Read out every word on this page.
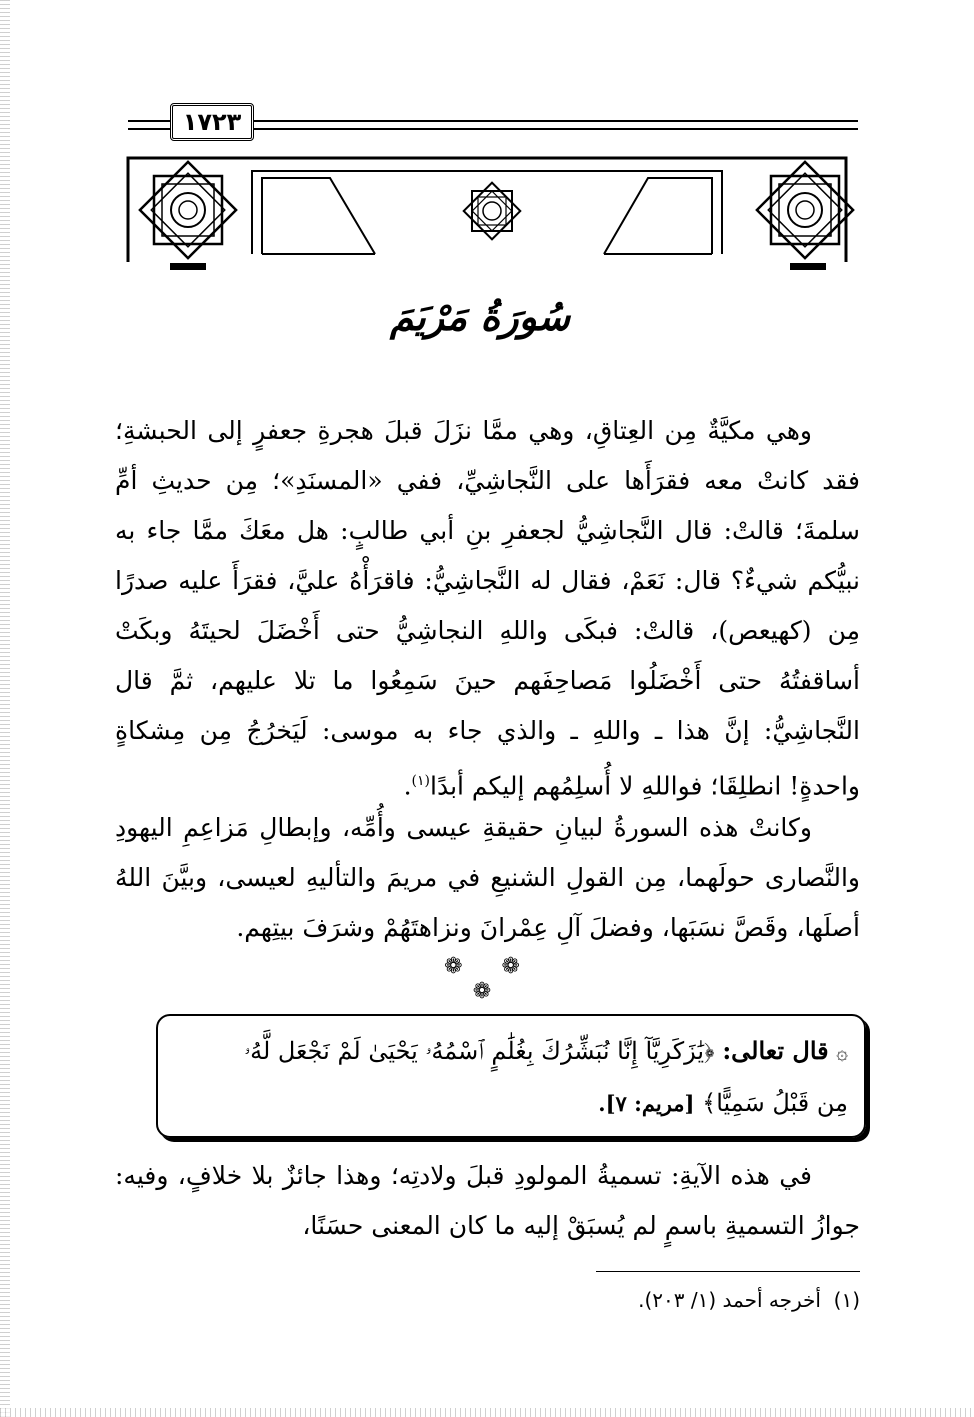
١٧٢٣
سُورَةُ مَرْيَمَ
وهي مكيَّةٌ مِن العِتاقِ، وهي ممَّا نزَلَ قبلَ هجرةِ جعفرٍ إلى الحبشةِ؛ فقد كانتْ معه فقرَأَها على النَّجاشِيِّ، ففي «المسنَدِ»؛ مِن حديثِ أمِّ سلمةَ؛ قالتْ: قال النَّجاشِيُّ لجعفرِ بنِ أبي طالبٍ: هل معَكَ ممَّا جاء به نبيُّكم شيءٌ؟ قال: نَعَمْ، فقال له النَّجاشِيُّ: فاقرَأْهُ عليَّ، فقرَأَ عليه صدرًا مِن (كهيعص)، قالتْ: فبكَى واللهِ النجاشِيُّ حتى أَخْضَلَ لحيتَهُ وبكَتْ أساقفتُهُ حتى أَخْضَلُوا مَصاحِفَهم حينَ سَمِعُوا ما تلا عليهم، ثمَّ قال النَّجاشِيُّ: إنَّ هذا ـ واللهِ ـ والذي جاء به موسى: لَيَخرُجُ مِن مِشكاةٍ واحدةٍ! انطلِقَا؛ فواللهِ لا أُسلِمُهم إليكم أبدًا$^{(١)}$.
وكانتْ هذه السورةُ لبيانِ حقيقةِ عيسى وأُمِّه، وإبطالِ مَزاعِمِ اليهودِ والنَّصارى حولَهما، مِن القولِ الشنيعِ في مريمَ والتأليهِ لعيسى، وبيَّنَ اللهُ أصلَها، وقَصَّ نسَبَها، وفضلَ آلِ عِمْرانَ ونزاهتَهُمْ وشرَفَ بيتِهم.
❁ ❁ ❁
۞ قال تعالى: ﴿يَٰزَكَرِيَّآ إِنَّا نُبَشِّرُكَ بِغُلَٰمٍ ٱسْمُهُۥ يَحْيَىٰ لَمْ نَجْعَل لَّهُۥ
مِن قَبْلُ سَمِيًّا﴾ [مريم: ٧].
في هذه الآيةِ: تسميةُ المولودِ قبلَ ولادتِه؛ وهذا جائزٌ بلا خلافٍ، وفيه: جوازُ التسميةِ باسمٍ لم يُسبَقْ إليه ما كان المعنى حسَنًا،
(١)  أخرجه أحمد (١/ ٢٠٣).
